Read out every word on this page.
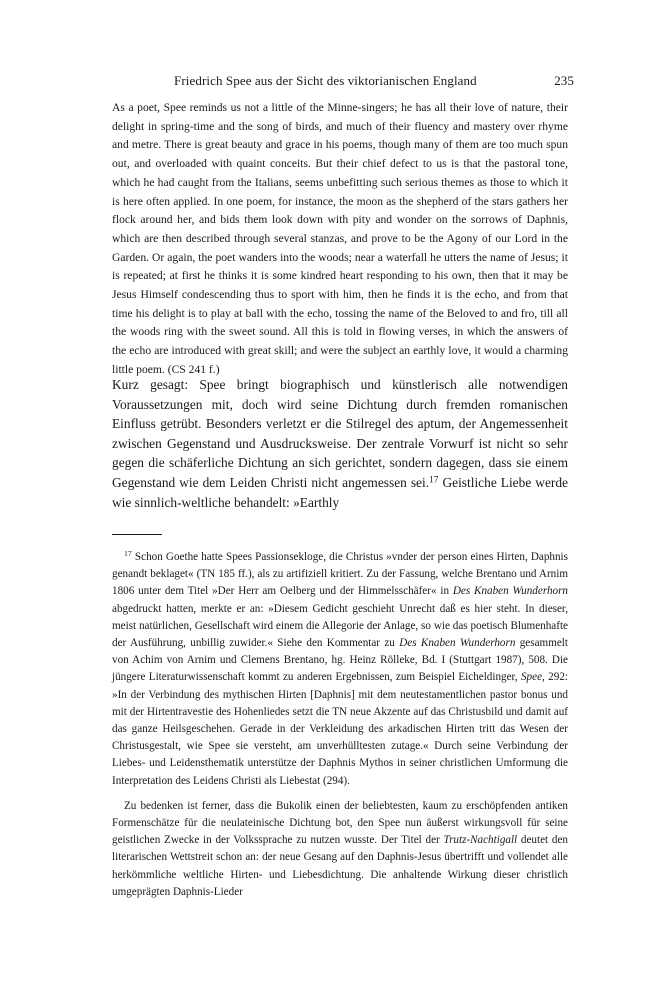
Friedrich Spee aus der Sicht des viktorianischen England	235

As a poet, Spee reminds us not a little of the Minne-singers; he has all their love of nature, their delight in spring-time and the song of birds, and much of their fluency and mastery over rhyme and metre. There is great beauty and grace in his poems, though many of them are too much spun out, and overloaded with quaint conceits. But their chief defect to us is that the pastoral tone, which he had caught from the Italians, seems unbefitting such serious themes as those to which it is here often applied. In one poem, for instance, the moon as the shepherd of the stars gathers her flock around her, and bids them look down with pity and wonder on the sorrows of Daphnis, which are then described through several stanzas, and prove to be the Agony of our Lord in the Garden. Or again, the poet wanders into the woods; near a waterfall he utters the name of Jesus; it is repeated; at first he thinks it is some kindred heart responding to his own, then that it may be Jesus Himself condescending thus to sport with him, then he finds it is the echo, and from that time his delight is to play at ball with the echo, tossing the name of the Beloved to and fro, till all the woods ring with the sweet sound. All this is told in flowing verses, in which the answers of the echo are introduced with great skill; and were the subject an earthly love, it would a charming little poem. (CS 241 f.)

Kurz gesagt: Spee bringt biographisch und künstlerisch alle notwendigen Voraussetzungen mit, doch wird seine Dichtung durch fremden romanischen Einfluss getrübt. Besonders verletzt er die Stilregel des aptum, der Angemessenheit zwischen Gegenstand und Ausdrucksweise. Der zentrale Vorwurf ist nicht so sehr gegen die schäferliche Dichtung an sich gerichtet, sondern dagegen, dass sie einem Gegenstand wie dem Leiden Christi nicht angemessen sei.$^{17}$ Geistliche Liebe werde wie sinnlich-weltliche behandelt: »Earthly

$^{17}$ Schon Goethe hatte Spees Passionsekloge, die Christus »vnder der person eines Hirten, Daphnis genandt beklaget« (TN 185 ff.), als zu artifiziell kritiert. Zu der Fassung, welche Brentano und Arnim 1806 unter dem Titel »Der Herr am Oelberg und der Himmelsschäfer« in Des Knaben Wunderhorn abgedruckt hatten, merkte er an: »Diesem Gedicht geschieht Unrecht daß es hier steht. In dieser, meist natürlichen, Gesellschaft wird einem die Allegorie der Anlage, so wie das poetisch Blumenhafte der Ausführung, unbillig zuwider.« Siehe den Kommentar zu Des Knaben Wunderhorn gesammelt von Achim von Arnim und Clemens Brentano, hg. Heinz Rölleke, Bd. I (Stuttgart 1987), 508. Die jüngere Literaturwissenschaft kommt zu anderen Ergebnissen, zum Beispiel Eicheldinger, Spee, 292: »In der Verbindung des mythischen Hirten [Daphnis] mit dem neutestamentlichen pastor bonus und mit der Hirtentravestie des Hohenliedes setzt die TN neue Akzente auf das Christusbild und damit auf das ganze Heilsgeschehen. Gerade in der Verkleidung des arkadischen Hirten tritt das Wesen der Christusgestalt, wie Spee sie versteht, am unverhülltesten zutage.« Durch seine Verbindung der Liebes- und Leidensthematik unterstütze der Daphnis Mythos in seiner christlichen Umformung die Interpretation des Leidens Christi als Liebestat (294).

Zu bedenken ist ferner, dass die Bukolik einen der beliebtesten, kaum zu erschöpfenden antiken Formenschätze für die neulateinische Dichtung bot, den Spee nun äußerst wirkungsvoll für seine geistlichen Zwecke in der Volkssprache zu nutzen wusste. Der Titel der Trutz-Nachtigall deutet den literarischen Wettstreit schon an: der neue Gesang auf den Daphnis-Jesus übertrifft und vollendet alle herkömmliche weltliche Hirten- und Liebesdichtung. Die anhaltende Wirkung dieser christlich umgeprägten Daphnis-Lieder
